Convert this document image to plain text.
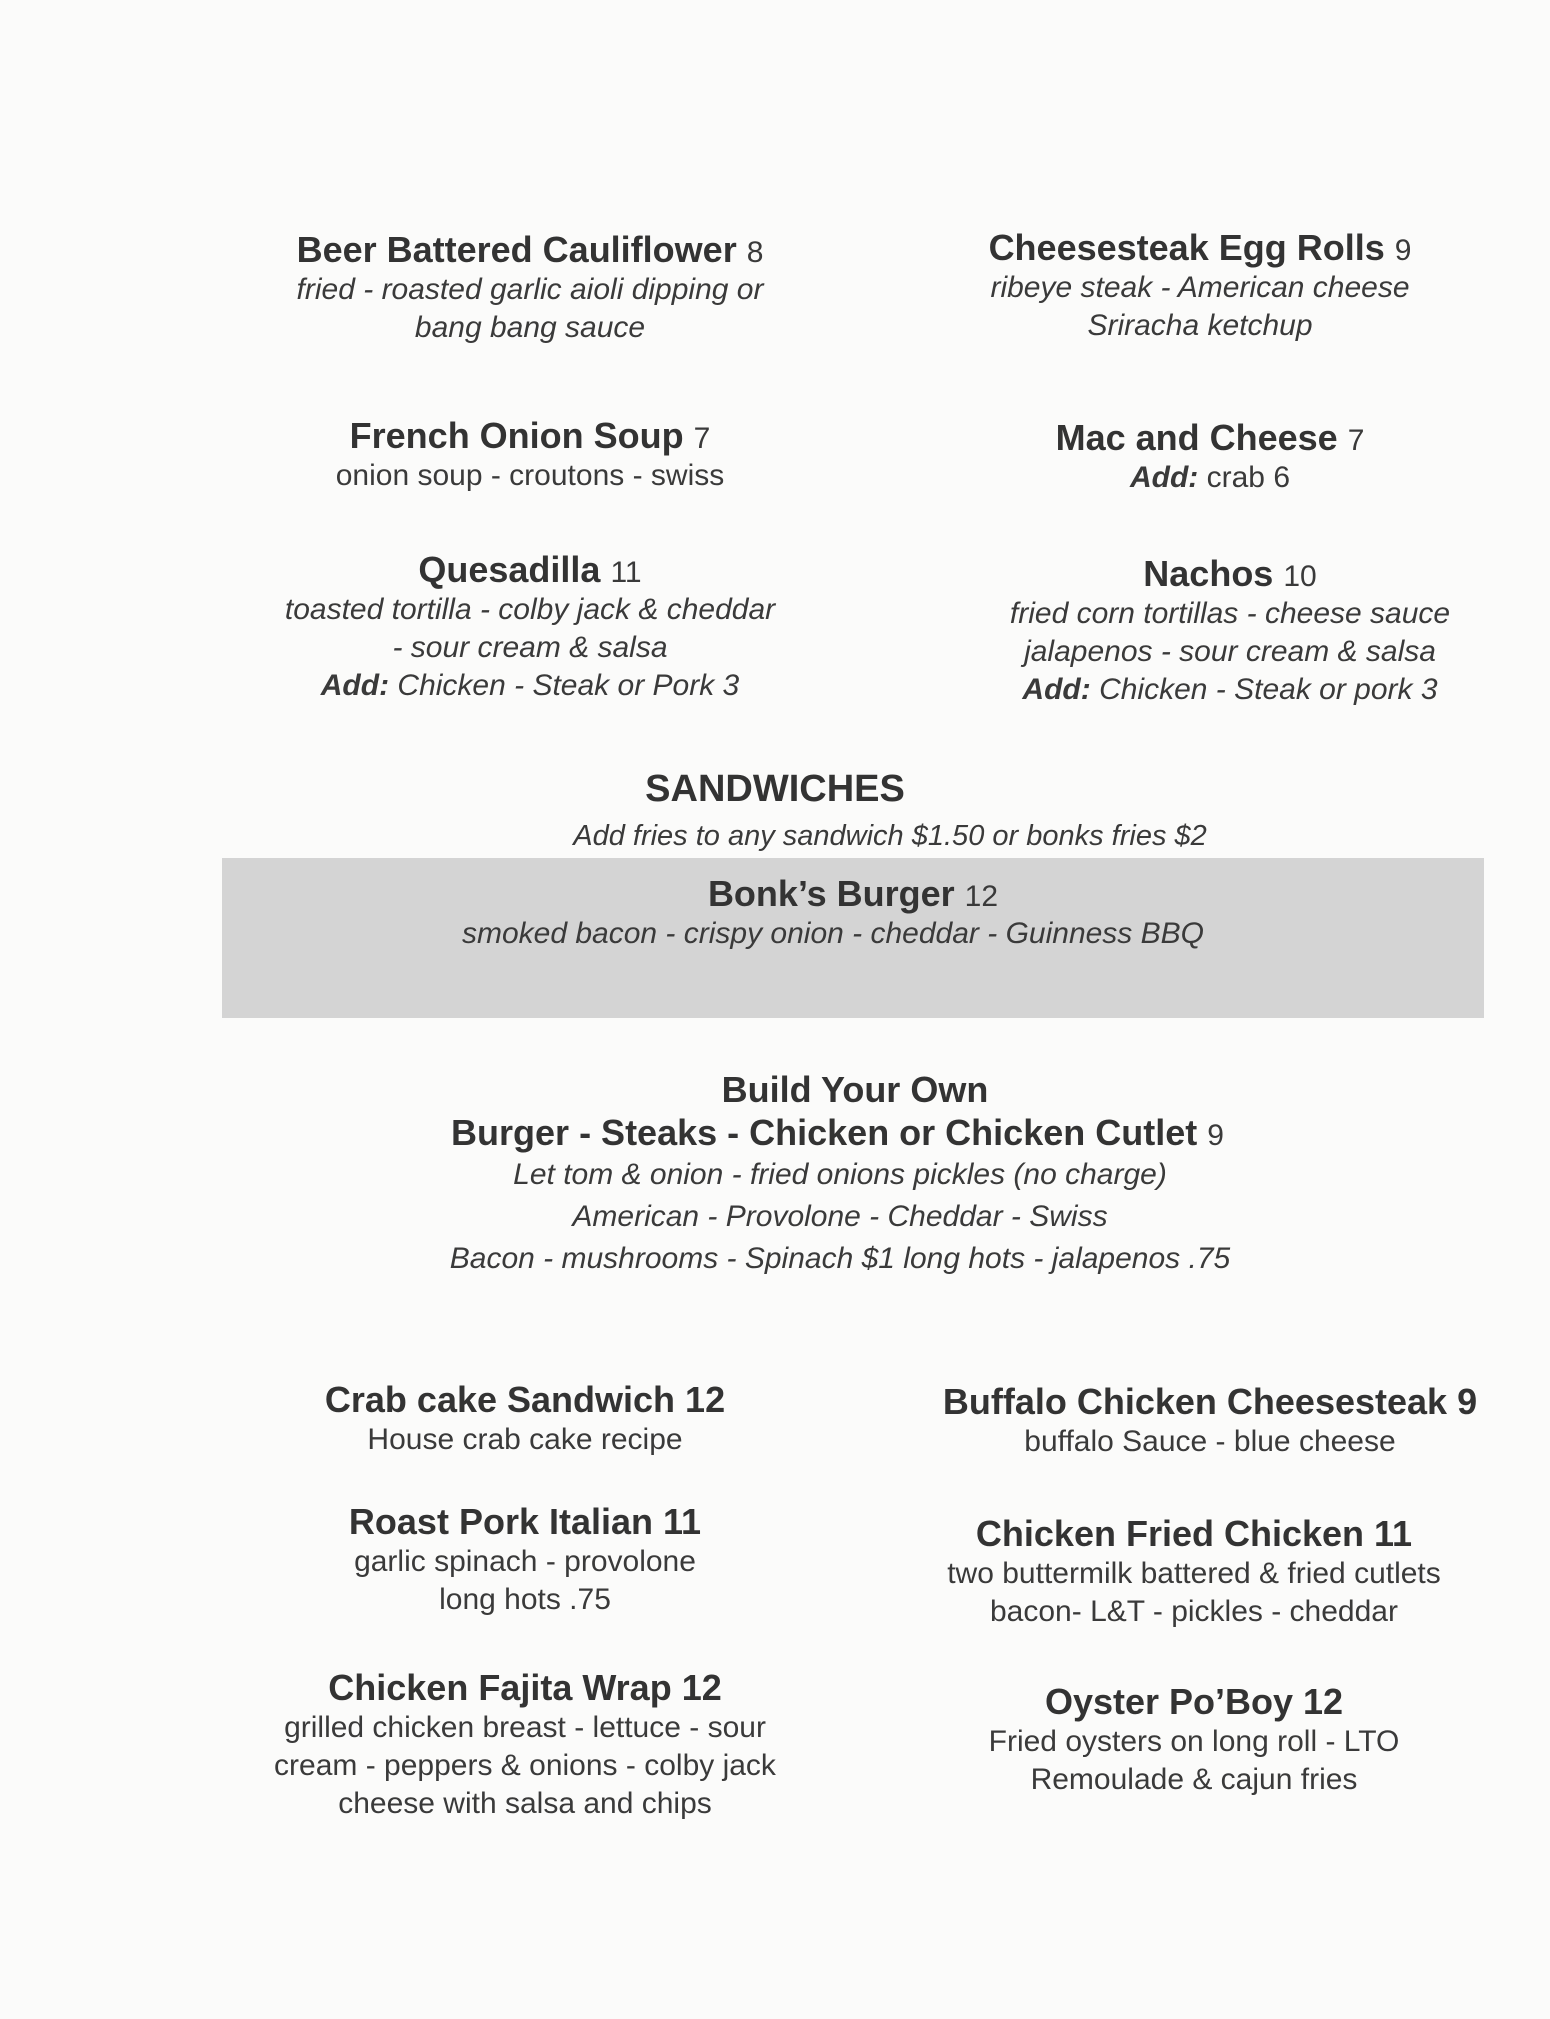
Beer Battered Cauliflower 8
fried - roasted garlic aioli dipping or
bang bang sauce
Cheesesteak Egg Rolls 9
ribeye steak - American cheese
Sriracha ketchup
French Onion Soup 7
onion soup - croutons - swiss
Mac and Cheese 7
Add: crab 6
Quesadilla 11
toasted tortilla - colby jack & cheddar
- sour cream & salsa
Add: Chicken - Steak or Pork 3
Nachos 10
fried corn tortillas - cheese sauce
jalapenos - sour cream & salsa
Add: Chicken - Steak or pork 3
SANDWICHES
Add fries to any sandwich $1.50 or bonks fries $2
Bonk’s Burger 12
smoked bacon - crispy onion - cheddar - Guinness BBQ
Build Your Own
Burger - Steaks - Chicken or Chicken Cutlet 9
Let tom & onion - fried onions pickles (no charge)
American - Provolone - Cheddar - Swiss
Bacon - mushrooms - Spinach $1 long hots - jalapenos .75
Crab cake Sandwich 12
House crab cake recipe
Buffalo Chicken Cheesesteak 9
buffalo Sauce - blue cheese
Roast Pork Italian 11
garlic spinach - provolone
long hots .75
Chicken Fried Chicken 11
two buttermilk battered & fried cutlets
bacon- L&T - pickles - cheddar
Chicken Fajita Wrap 12
grilled chicken breast - lettuce - sour
cream - peppers & onions - colby jack
cheese with salsa and chips
Oyster Po’Boy 12
Fried oysters on long roll - LTO
Remoulade & cajun fries
